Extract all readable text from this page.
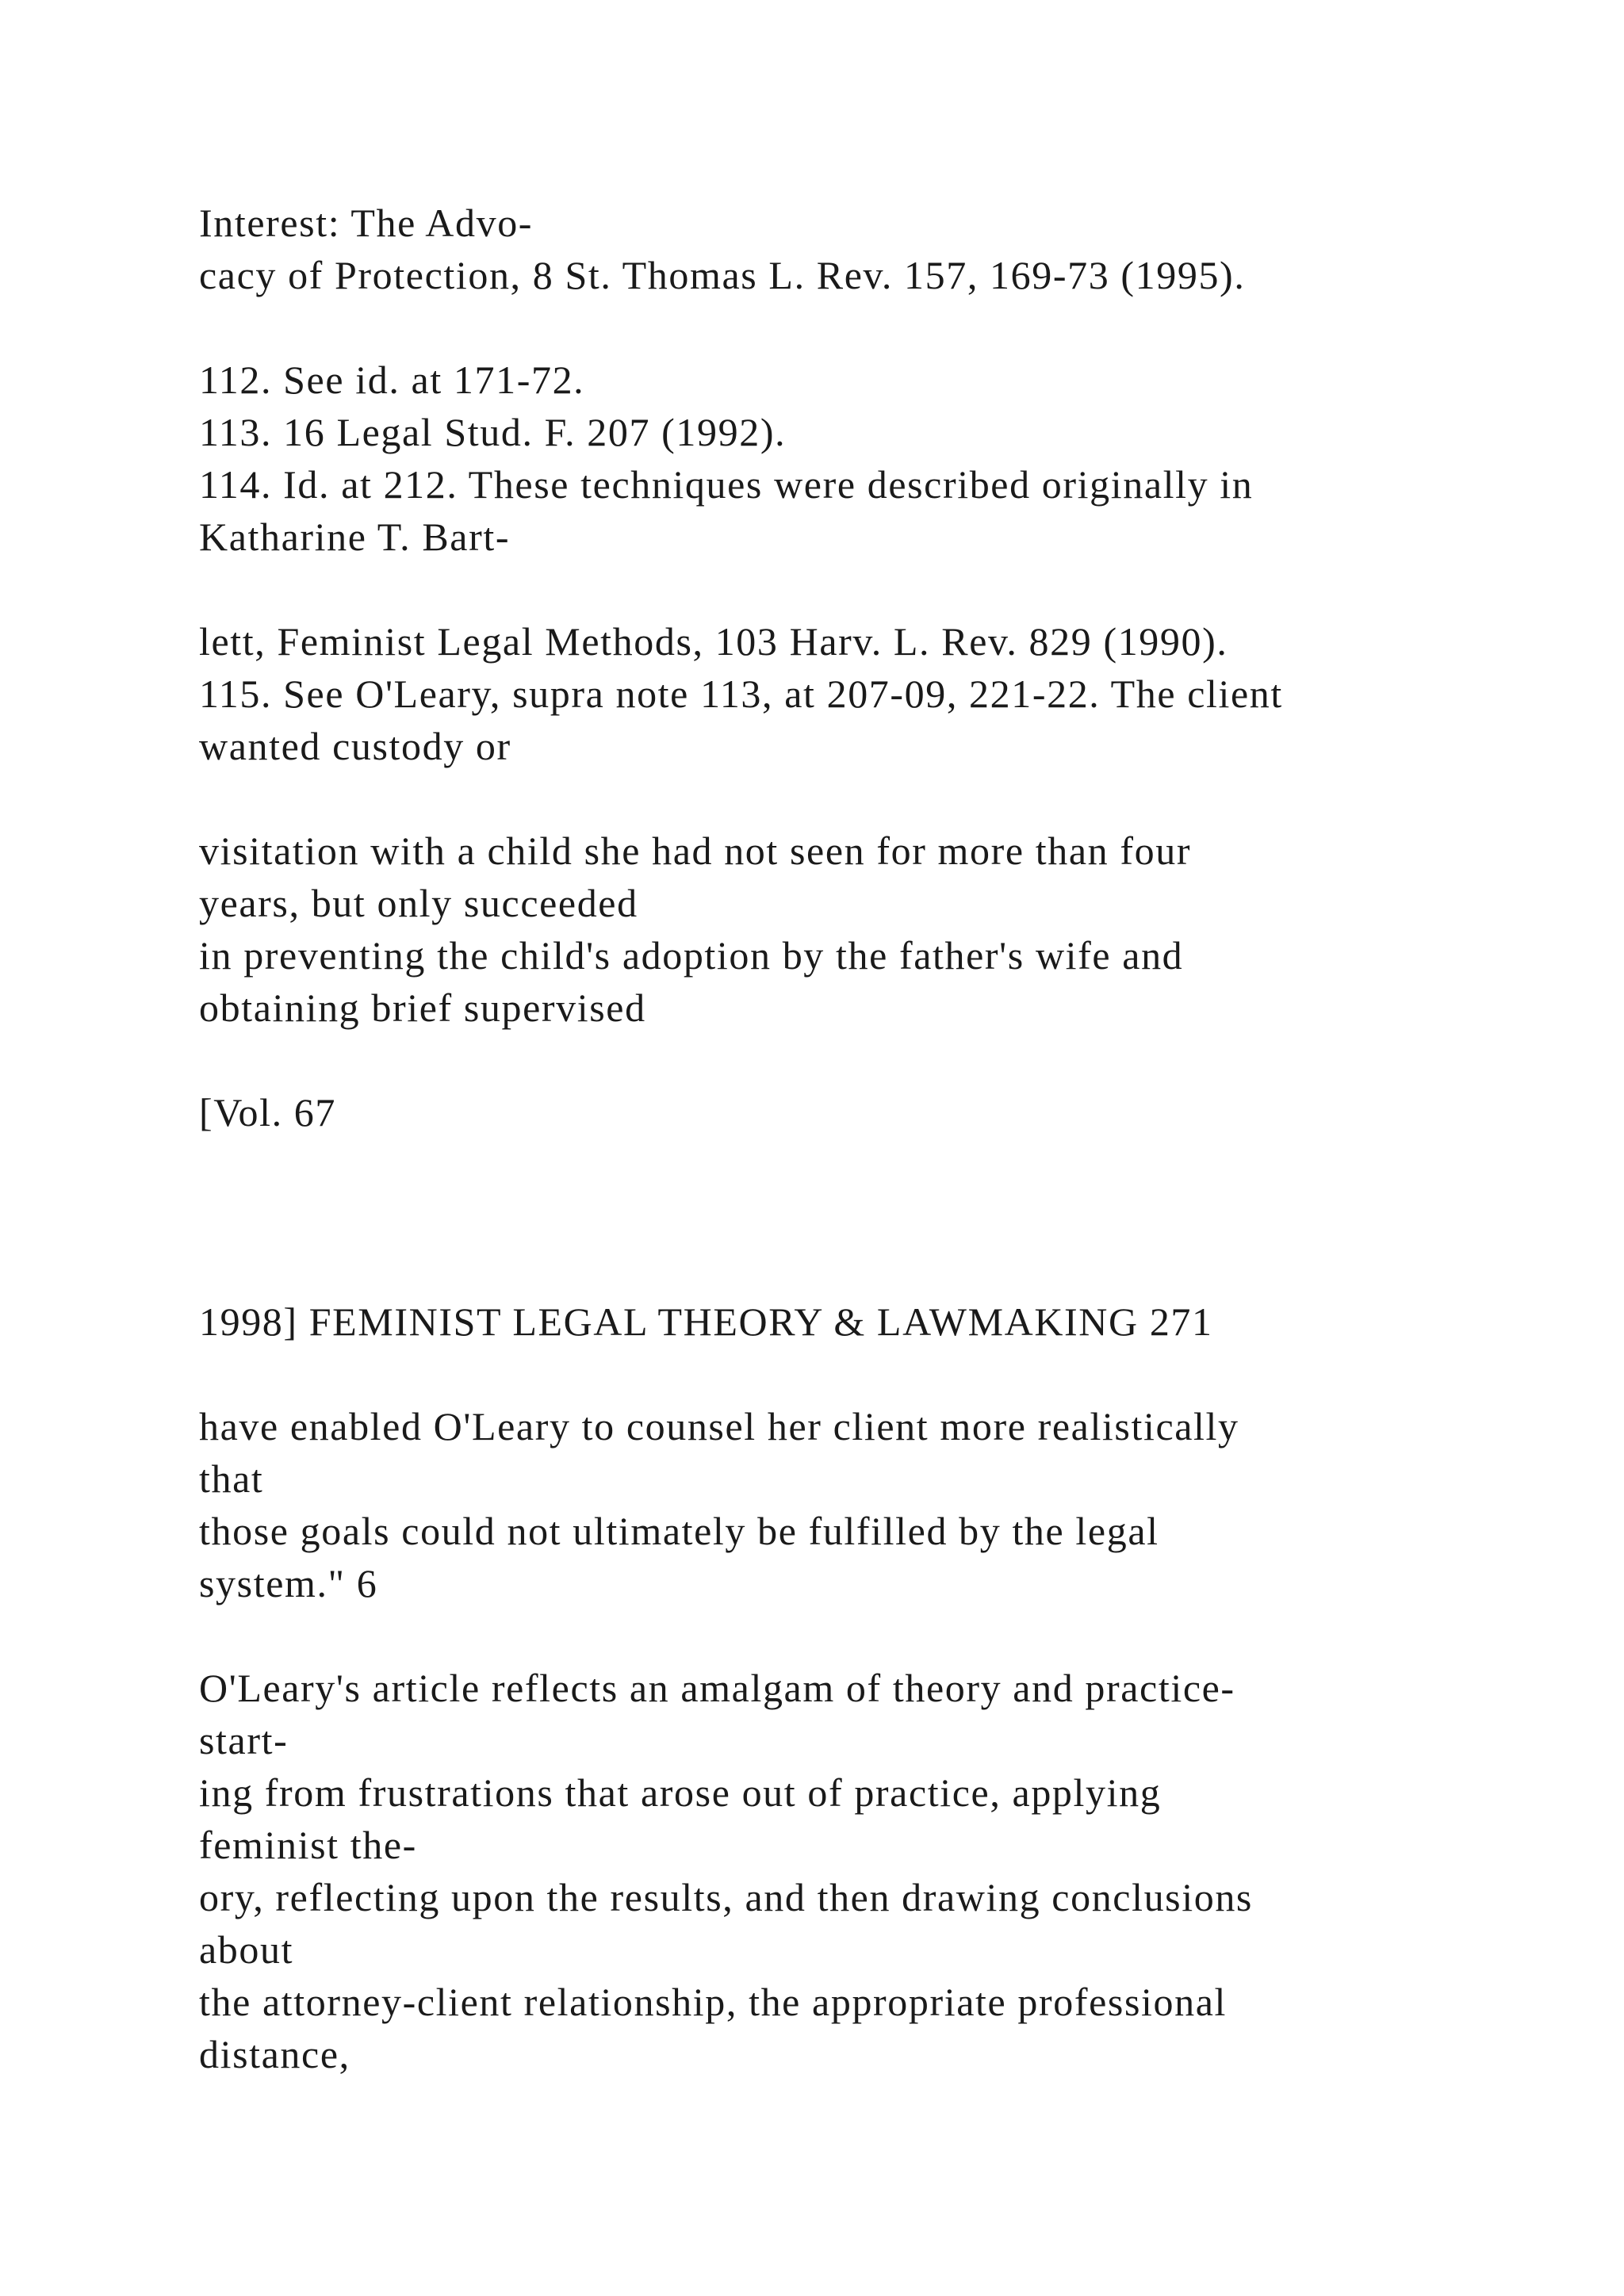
Interest: The Advo-
cacy of Protection, 8 St. Thomas L. Rev. 157, 169-73 (1995).
112. See id. at 171-72.
113. 16 Legal Stud. F. 207 (1992).
114. Id. at 212. These techniques were described originally in
Katharine T. Bart-
lett, Feminist Legal Methods, 103 Harv. L. Rev. 829 (1990).
115. See O'Leary, supra note 113, at 207-09, 221-22. The client
wanted custody or
visitation with a child she had not seen for more than four
years, but only succeeded
in preventing the child's adoption by the father's wife and
obtaining brief supervised
[Vol. 67
1998] FEMINIST LEGAL THEORY & LAWMAKING 271
have enabled O'Leary to counsel her client more realistically
that
those goals could not ultimately be fulfilled by the legal
system." 6
O'Leary's article reflects an amalgam of theory and practice-
start-
ing from frustrations that arose out of practice, applying
feminist the-
ory, reflecting upon the results, and then drawing conclusions
about
the attorney-client relationship, the appropriate professional
distance,
